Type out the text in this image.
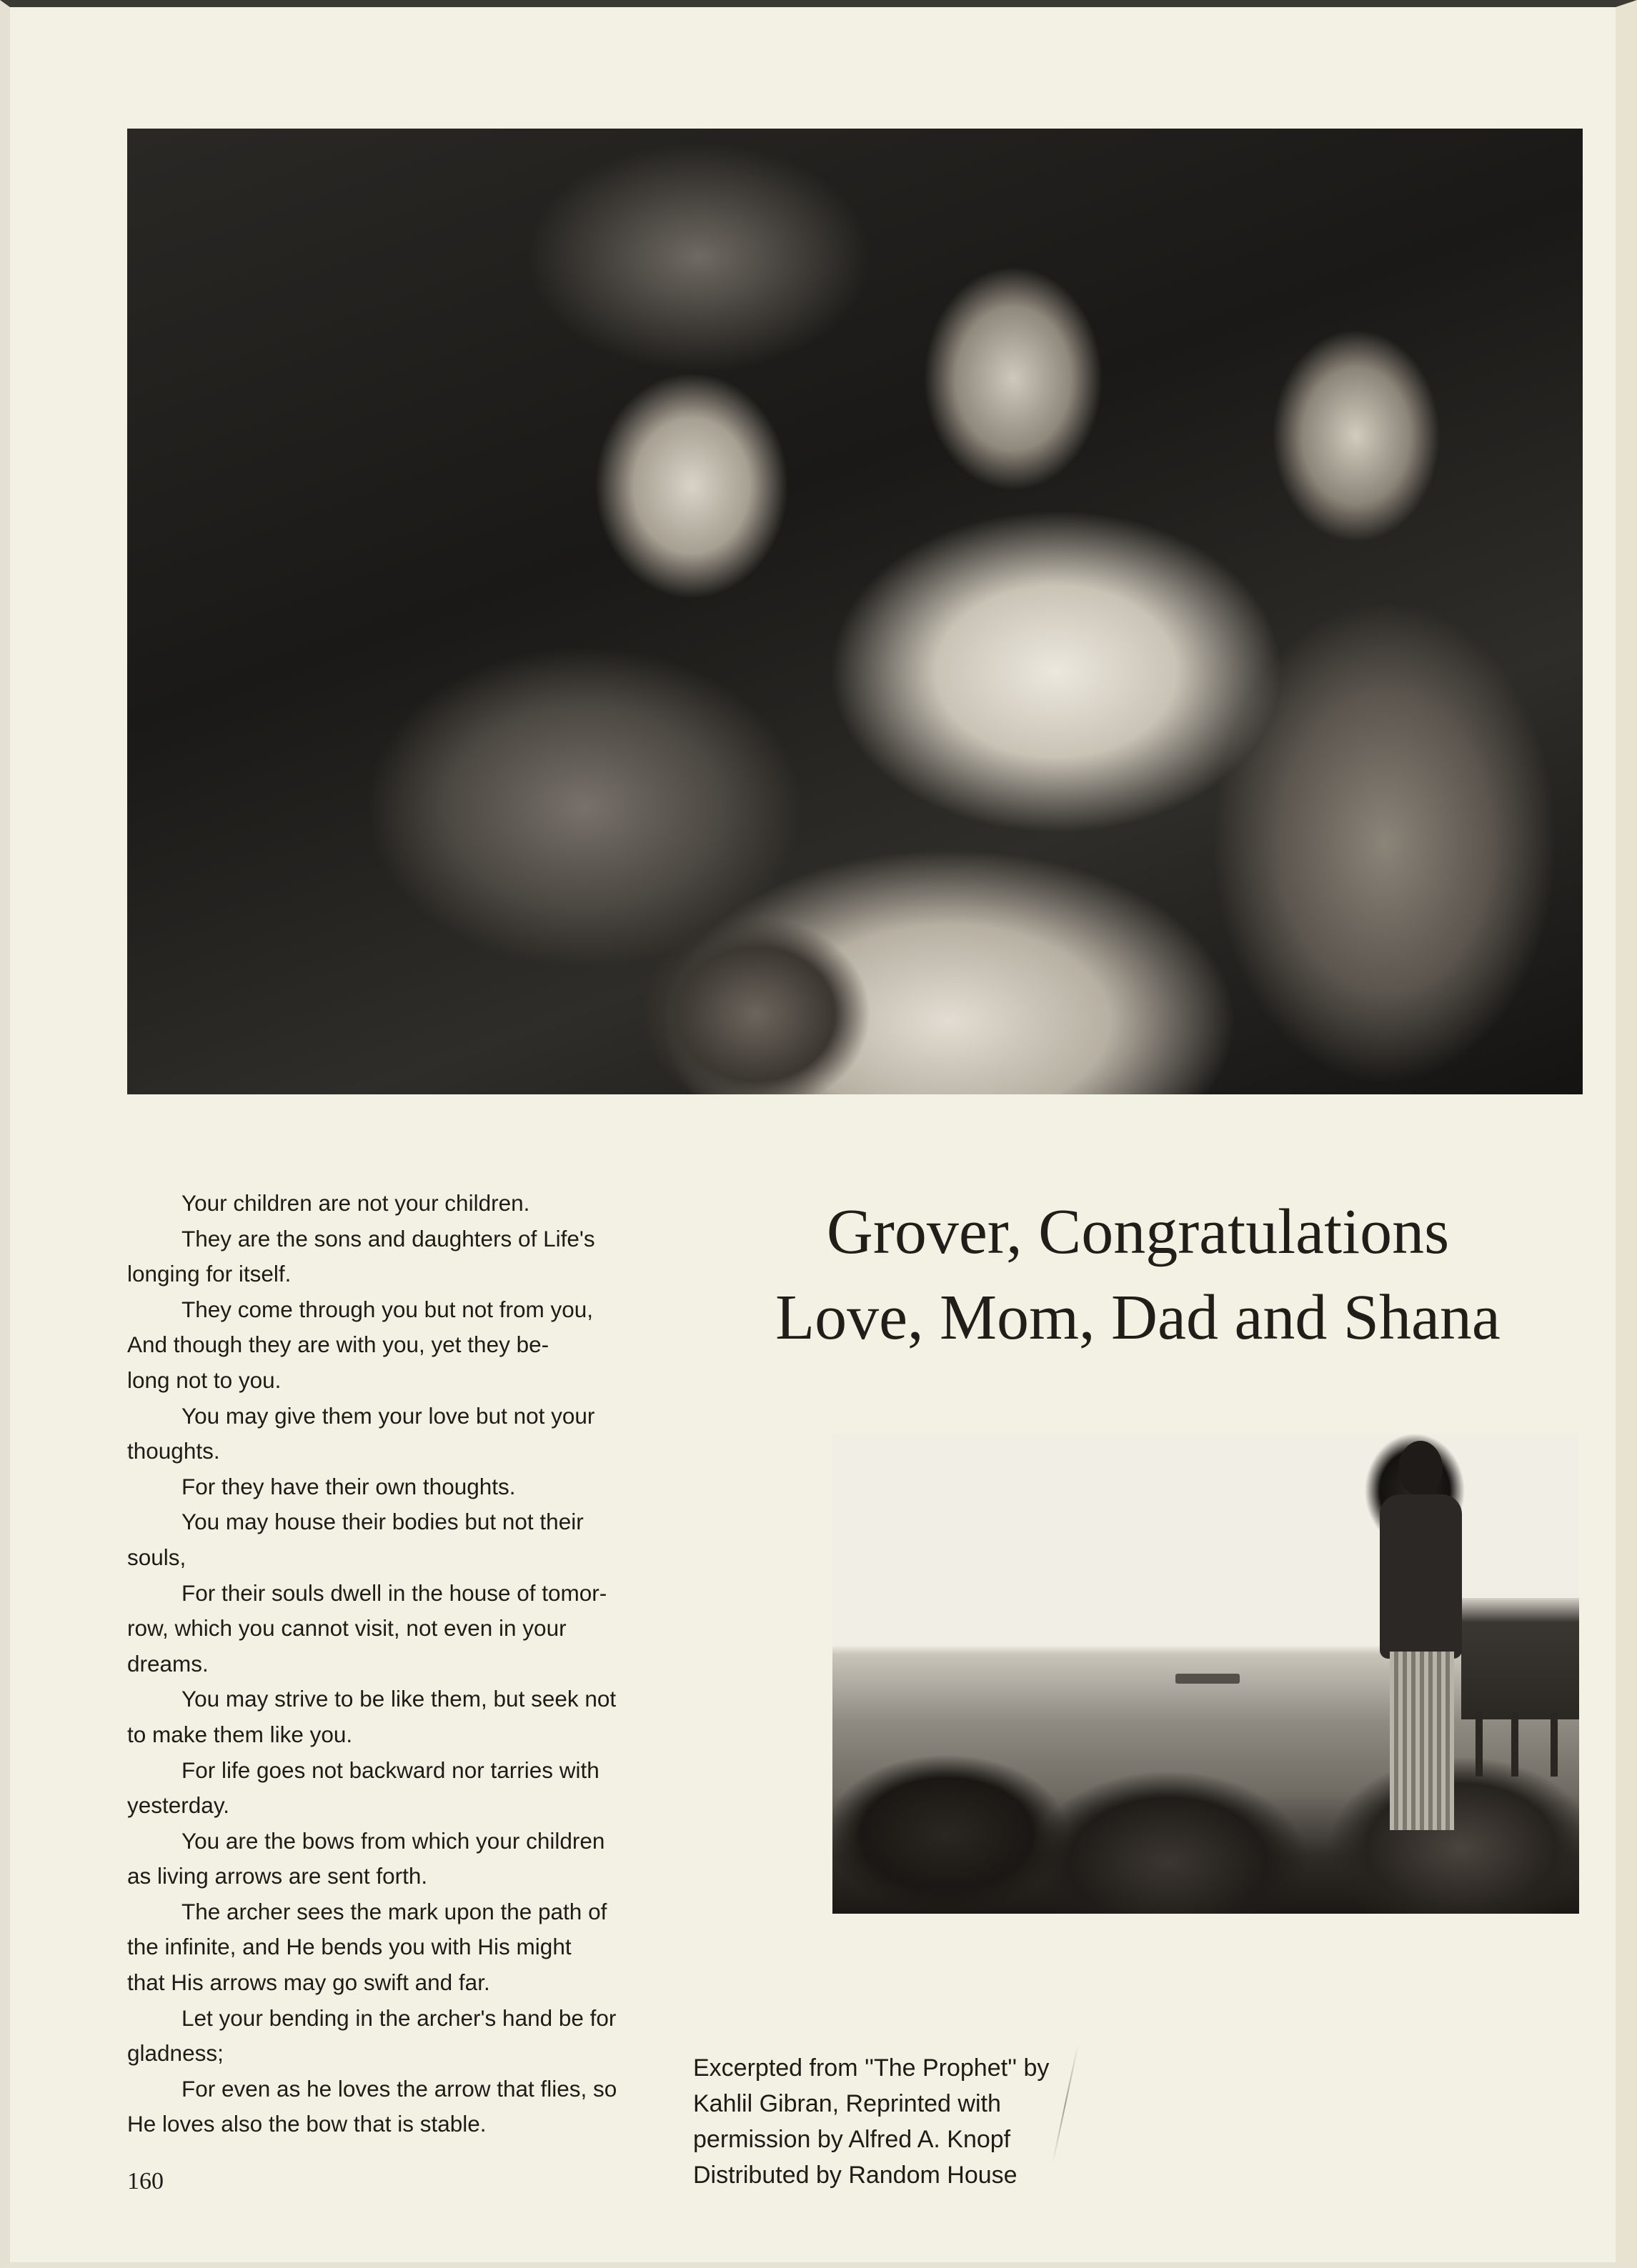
Your children are not your children.

They are the sons and daughters of Life's

longing for itself.

They come through you but not from you,

And though they are with you, yet they be-

long not to you.

You may give them your love but not your

thoughts.

For they have their own thoughts.

You may house their bodies but not their

souls,

For their souls dwell in the house of tomor-

row, which you cannot visit, not even in your

dreams.

You may strive to be like them, but seek not

to make them like you.

For life goes not backward nor tarries with

yesterday.

You are the bows from which your children

as living arrows are sent forth.

The archer sees the mark upon the path of

the infinite, and He bends you with His might

that His arrows may go swift and far.

Let your bending in the archer's hand be for

gladness;

For even as he loves the arrow that flies, so

He loves also the bow that is stable.

160
Grover, Congratulations
Love, Mom, Dad and Shana

Excerpted from ''The Prophet'' by

Kahlil Gibran, Reprinted with

permission by Alfred A. Knopf

Distributed by Random House
